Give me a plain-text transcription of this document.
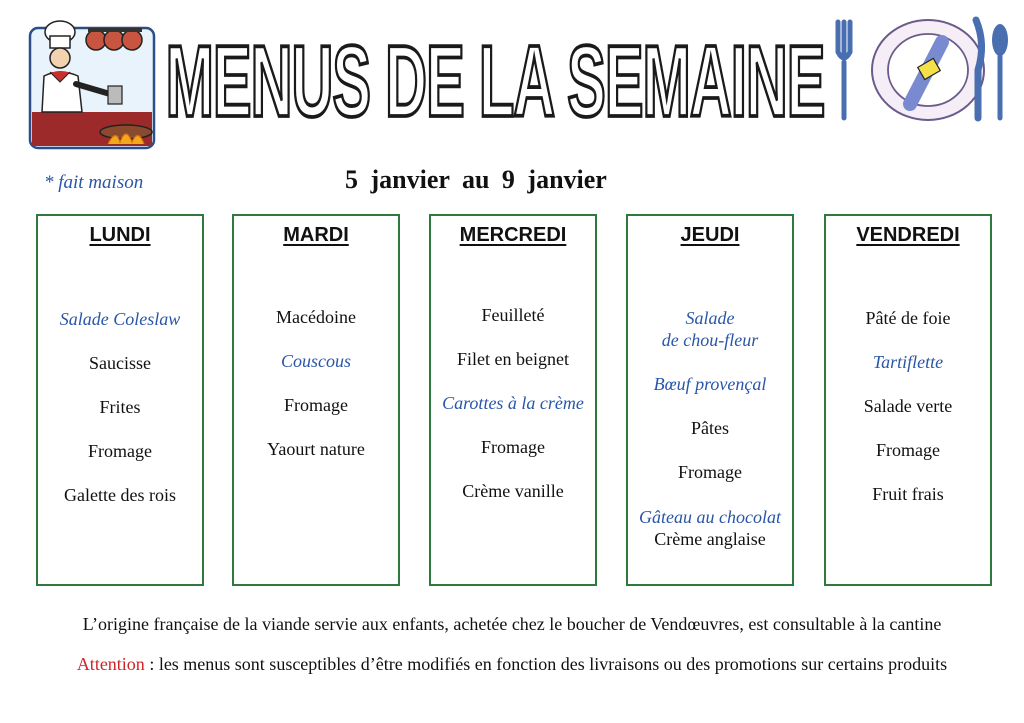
MENUS DE LA SEMAINE
* fait maison	5 janvier au 9 janvier
LUNDI
Salade Coleslaw
Saucisse
Frites
Fromage
Galette des rois
MARDI
Macédoine
Couscous
Fromage
Yaourt nature
MERCREDI
Feuilleté
Filet en beignet
Carottes à la crème
Fromage
Crème vanille
JEUDI
Salade
de chou-fleur
Bœuf provençal
Pâtes
Fromage
Gâteau au chocolat
Crème anglaise
VENDREDI
Pâté de foie
Tartiflette
Salade verte
Fromage
Fruit frais
L’origine française de la viande servie aux enfants, achetée chez le boucher de Vendœuvres, est consultable à la cantine
Attention : les menus sont susceptibles d’être modifiés en fonction des livraisons ou des promotions sur certains produits
